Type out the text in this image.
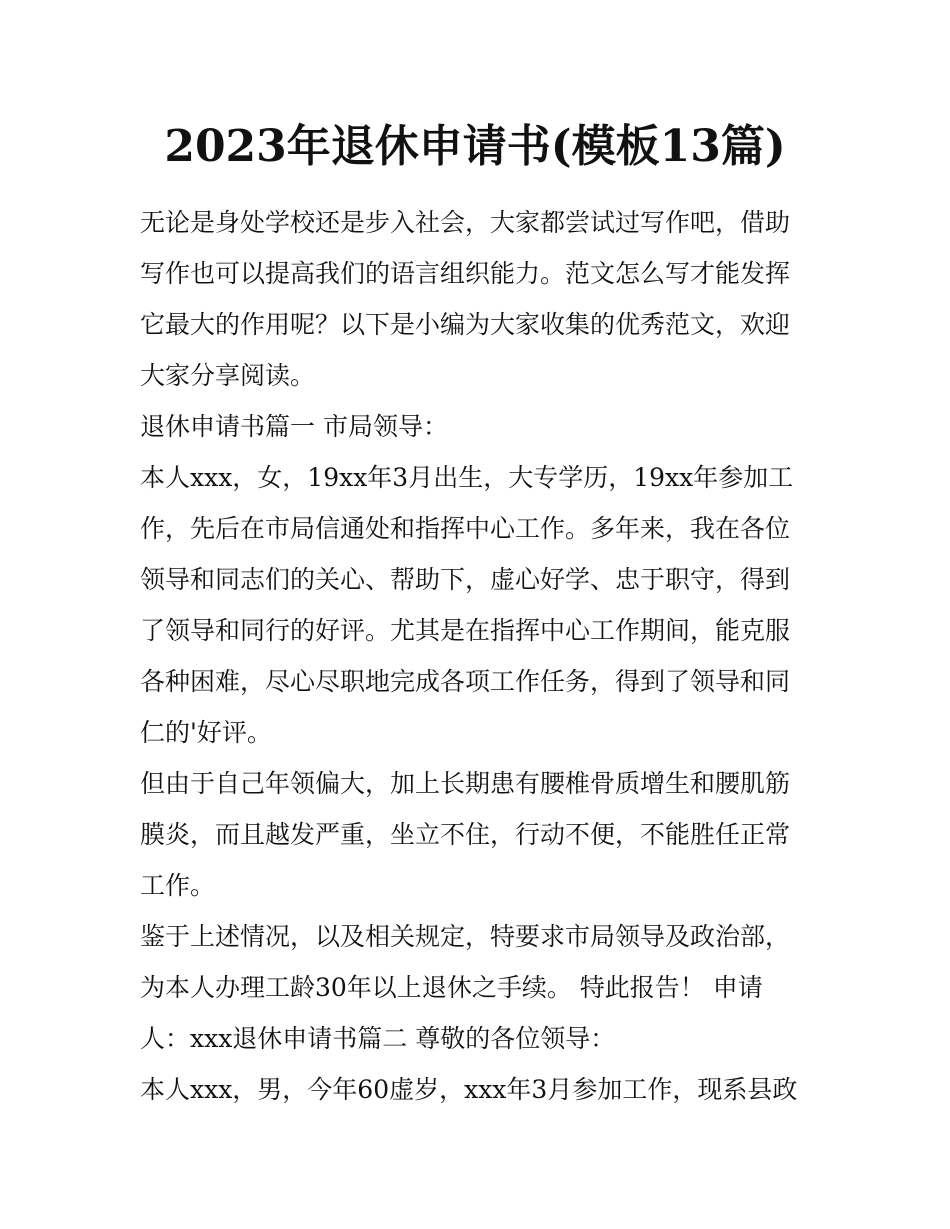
2023年退休申请书(模板13篇)

无论是身处学校还是步入社会，大家都尝试过写作吧，借助写作也可以提高我们的语言组织能力。范文怎么写才能发挥它最大的作用呢？以下是小编为大家收集的优秀范文，欢迎大家分享阅读。

退休申请书篇一 市局领导：

本人xxx，女，19xx年3月出生，大专学历，19xx年参加工作，先后在市局信通处和指挥中心工作。多年来，我在各位领导和同志们的关心、帮助下，虚心好学、忠于职守，得到了领导和同行的好评。尤其是在指挥中心工作期间，能克服各种困难，尽心尽职地完成各项工作任务，得到了领导和同仁的'好评。

但由于自己年领偏大，加上长期患有腰椎骨质增生和腰肌筋膜炎，而且越发严重，坐立不住，行动不便，不能胜任正常工作。

鉴于上述情况，以及相关规定，特要求市局领导及政治部，为本人办理工龄30年以上退休之手续。 特此报告！ 申请人：xxx退休申请书篇二 尊敬的各位领导：

本人xxx，男，今年60虚岁，xxx年3月参加工作，现系县政
